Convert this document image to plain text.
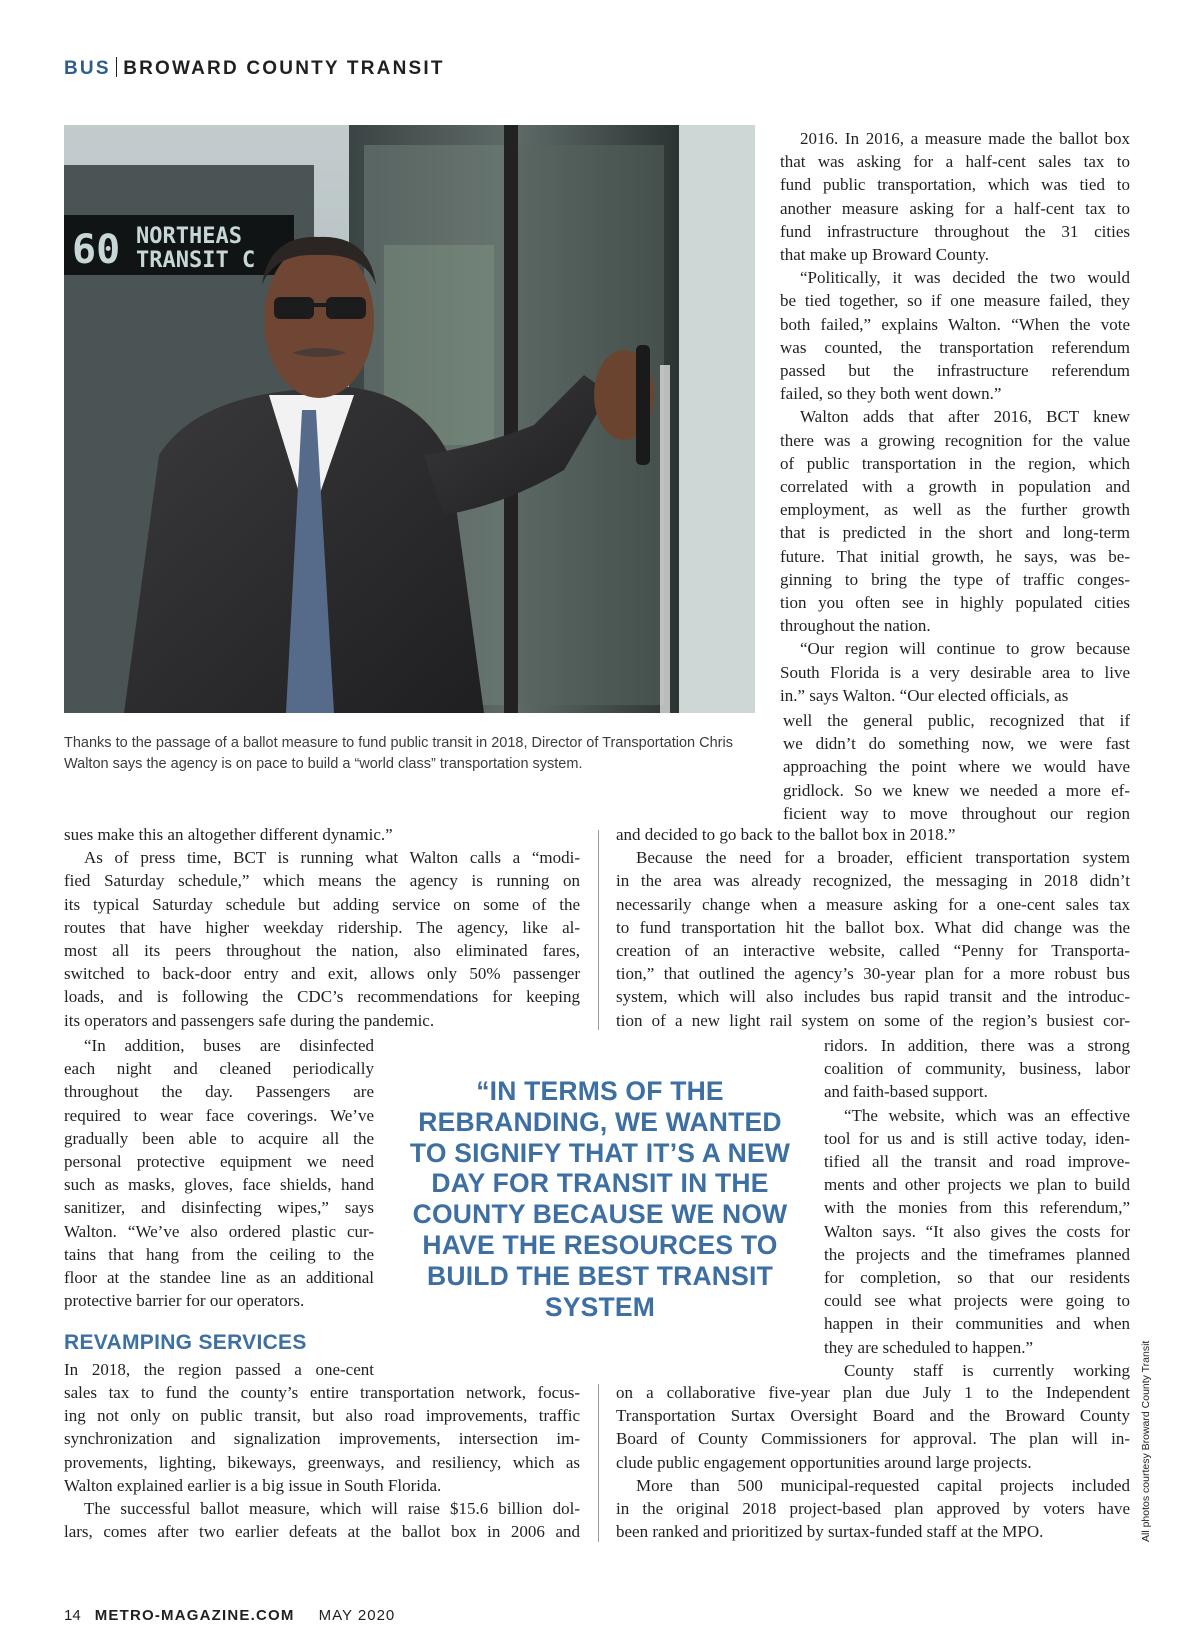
BUS BROWARD COUNTY TRANSIT
60 NORTHEAS
TRANSIT C
Thanks to the passage of a ballot measure to fund public transit in 2018, Director of Transportation Chris Walton says the agency is on pace to build a “world class” transportation system.

2016. In 2016, a measure made the ballot box

that was asking for a half-cent sales tax to

fund public transportation, which was tied to

another measure asking for a half-cent tax to

fund infrastructure throughout the 31 cities

that make up Broward County.

“Politically, it was decided the two would

be tied together, so if one measure failed, they

both failed,” explains Walton. “When the vote

was counted, the transportation referendum

passed but the infrastructure referendum

failed, so they both went down.”

Walton adds that after 2016, BCT knew

there was a growing recognition for the value

of public transportation in the region, which

correlated with a growth in population and

employment, as well as the further growth

that is predicted in the short and long-term

future. That initial growth, he says, was be-

ginning to bring the type of traffic conges-

tion you often see in highly populated cities

throughout the nation.

“Our region will continue to grow because

South Florida is a very desirable area to live

in.” says Walton. “Our elected officials, as

well the general public, recognized that if

we didn’t do something now, we were fast

approaching the point where we would have

gridlock. So we knew we needed a more ef-

ficient way to move throughout our region

sues make this an altogether different dynamic.”

As of press time, BCT is running what Walton calls a “modi-

fied Saturday schedule,” which means the agency is running on

its typical Saturday schedule but adding service on some of the

routes that have higher weekday ridership. The agency, like al-

most all its peers throughout the nation, also eliminated fares,

switched to back-door entry and exit, allows only 50% passenger

loads, and is following the CDC’s recommendations for keeping

its operators and passengers safe during the pandemic.

and decided to go back to the ballot box in 2018.”

Because the need for a broader, efficient transportation system

in the area was already recognized, the messaging in 2018 didn’t

necessarily change when a measure asking for a one-cent sales tax

to fund transportation hit the ballot box. What did change was the

creation of an interactive website, called “Penny for Transporta-

tion,” that outlined the agency’s 30-year plan for a more robust bus

system, which will also includes bus rapid transit and the introduc-

tion of a new light rail system on some of the region’s busiest cor-

“In addition, buses are disinfected

each night and cleaned periodically

throughout the day. Passengers are

required to wear face coverings. We’ve

gradually been able to acquire all the

personal protective equipment we need

such as masks, gloves, face shields, hand

sanitizer, and disinfecting wipes,” says

Walton. “We’ve also ordered plastic cur-

tains that hang from the ceiling to the

floor at the standee line as an additional

protective barrier for our operators.

ridors. In addition, there was a strong

coalition of community, business, labor

and faith-based support.

“The website, which was an effective

tool for us and is still active today, iden-

tified all the transit and road improve-

ments and other projects we plan to build

with the monies from this referendum,”

Walton says. “It also gives the costs for

the projects and the timeframes planned

for completion, so that our residents

could see what projects were going to

happen in their communities and when

they are scheduled to happen.”

County staff is currently working

REVAMPING SERVICES

In 2018, the region passed a one-cent

sales tax to fund the county’s entire transportation network, focus-

ing not only on public transit, but also road improvements, traffic

synchronization and signalization improvements, intersection im-

provements, lighting, bikeways, greenways, and resiliency, which as

Walton explained earlier is a big issue in South Florida.

The successful ballot measure, which will raise $15.6 billion dol-

lars, comes after two earlier defeats at the ballot box in 2006 and

on a collaborative five-year plan due July 1 to the Independent

Transportation Surtax Oversight Board and the Broward County

Board of County Commissioners for approval. The plan will in-

clude public engagement opportunities around large projects.

More than 500 municipal-requested capital projects included

in the original 2018 project-based plan approved by voters have

been ranked and prioritized by surtax-funded staff at the MPO.

“IN TERMS OF THE REBRANDING, WE WANTED TO SIGNIFY THAT IT’S A NEW DAY FOR TRANSIT IN THE COUNTY BECAUSE WE NOW HAVE THE RESOURCES TO BUILD THE BEST TRANSIT SYSTEM
All photos courtesy Broward County Transit
14 METRO-MAGAZINE.COM MAY 2020
